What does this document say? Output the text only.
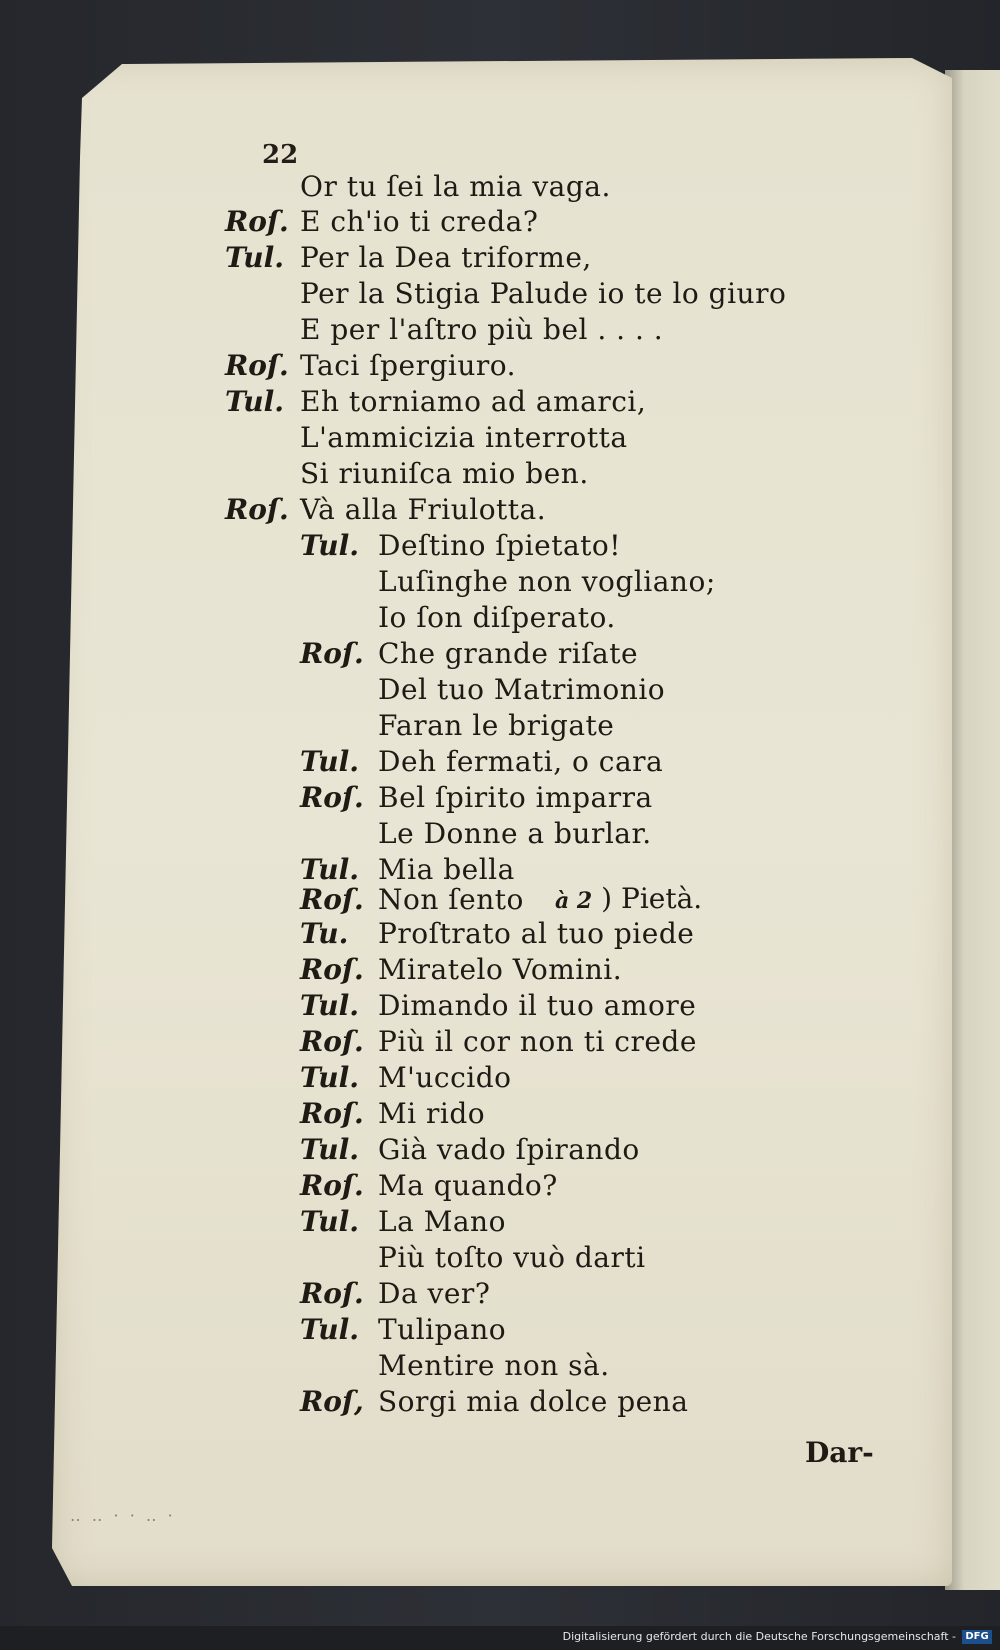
22
Or tu ſei la mia vaga.
Roſ. E ch'io ti creda?
Tul. Per la Dea triforme,
Per la Stigia Palude io te lo giuro
E per l'aſtro più bel . . . .
Roſ. Taci ſpergiuro.
Tul. Eh torniamo ad amarci,
L'ammicizia interrotta
Si riuniſca mio ben.
Roſ. Và alla Friulotta.
Tul. Deſtino ſpietato!
Luſinghe non vogliano;
Io ſon diſperato.
Roſ. Che grande riſate
Del tuo Matrimonio
Faran le brigate
Tul. Deh fermati, o cara
Roſ. Bel ſpirito imparra
Le Donne a burlar.
Tul. Mia bella
Roſ. Non ſento
Tu. Proſtrato al tuo piede
Roſ. Miratelo Vomini.
Tul. Dimando il tuo amore
Roſ. Più il cor non ti crede
Tul. M'uccido
Roſ. Mi rido
Tul. Già vado ſpirando
Roſ. Ma quando?
Tul. La Mano
Più toſto vuò darti
Roſ. Da ver?
Tul. Tulipano
Mentire non sà.
Roſ, Sorgi mia dolce pena
à 2 ) Pietà.
Dar-
‥ ‥ · · ‥ ·
Digitalisierung gefördert durch die Deutsche Forschungsgemeinschaft - DFG
